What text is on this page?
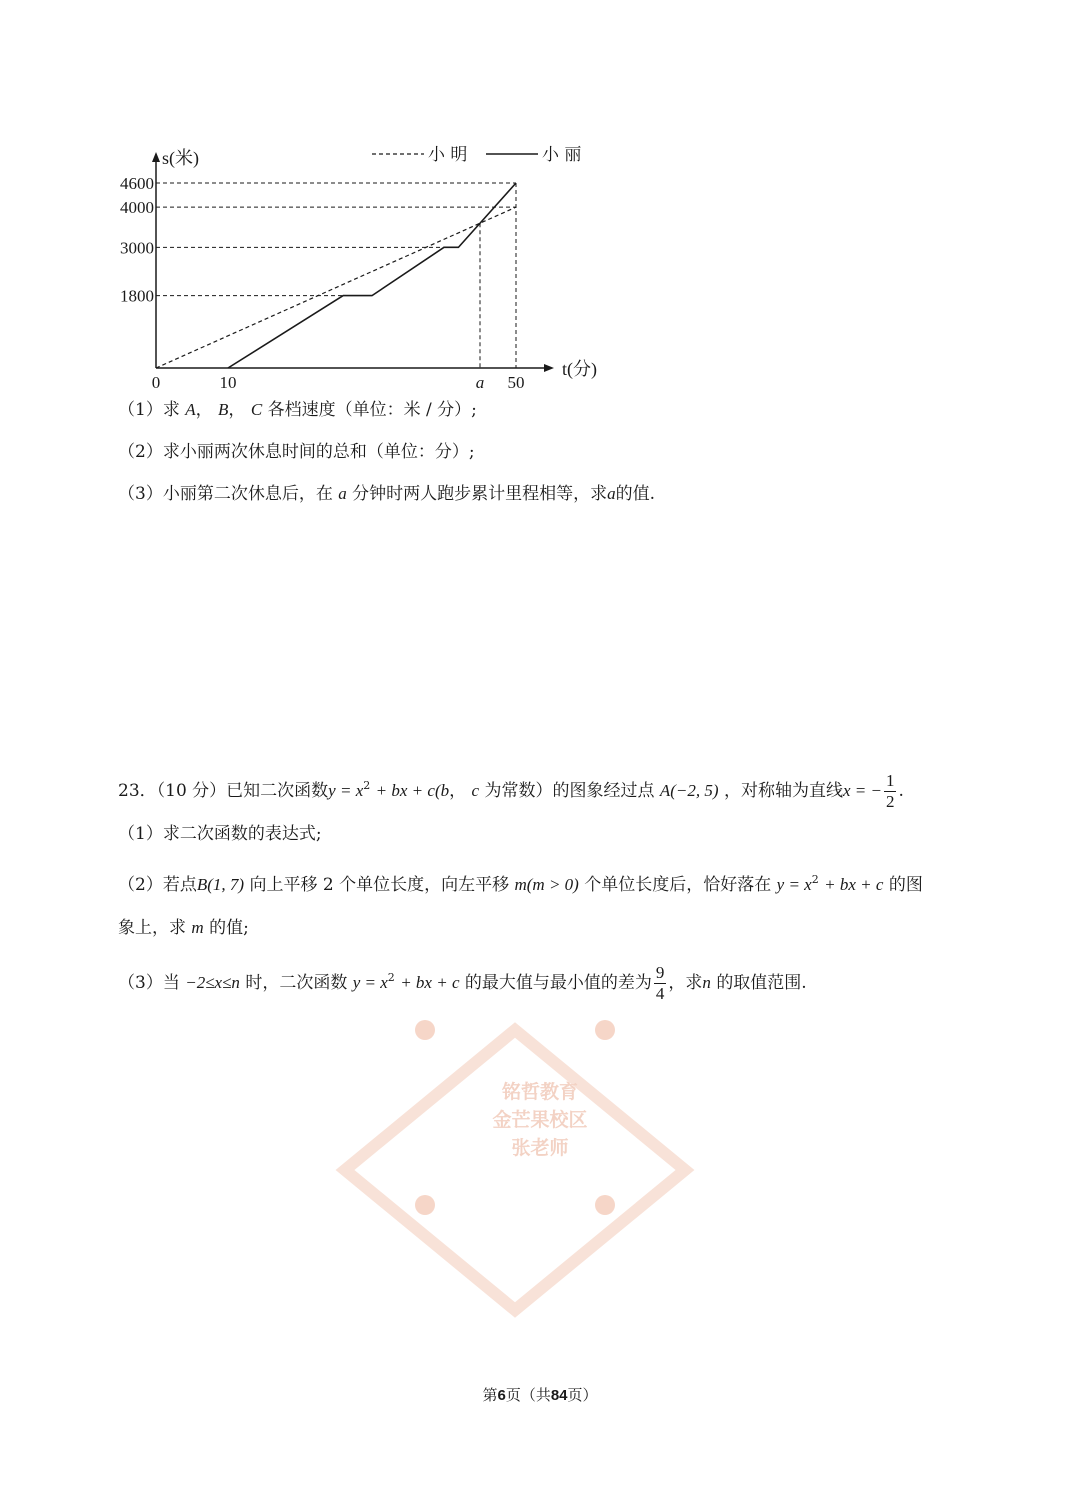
铭哲教育
金芒果校区
张老师
t(分)
s(米)
1800
3000
4000
4600
0	10	a 50
小 明	小 丽
（1）求 A， B， C 各档速度（单位：米 / 分）;
（2）求小丽两次休息时间的总和（单位：分）;
（3）小丽第二次休息后，在 a 分钟时两人跑步累计里程相等，求a的值.
23．（10 分）已知二次函数$y = x^2$ + bx + c(b， c 为常数）的图象经过点 A(−2, 5) ，对称轴为直线x = − $\frac{1}{2}$ .
（1）求二次函数的表达式;
（2）若点B(1, 7) 向上平移 2 个单位长度，向左平移 m(m > 0) 个单位长度后，恰好落在 $y = x^2$ + bx + c 的图
象上，求 m 的值;
（3）当 −2≤x≤n 时，二次函数 $y = x^2$ + bx + c 的最大值与最小值的差为 $\frac{9}{4}$ ，求n 的取值范围.
第6页（共84页）
